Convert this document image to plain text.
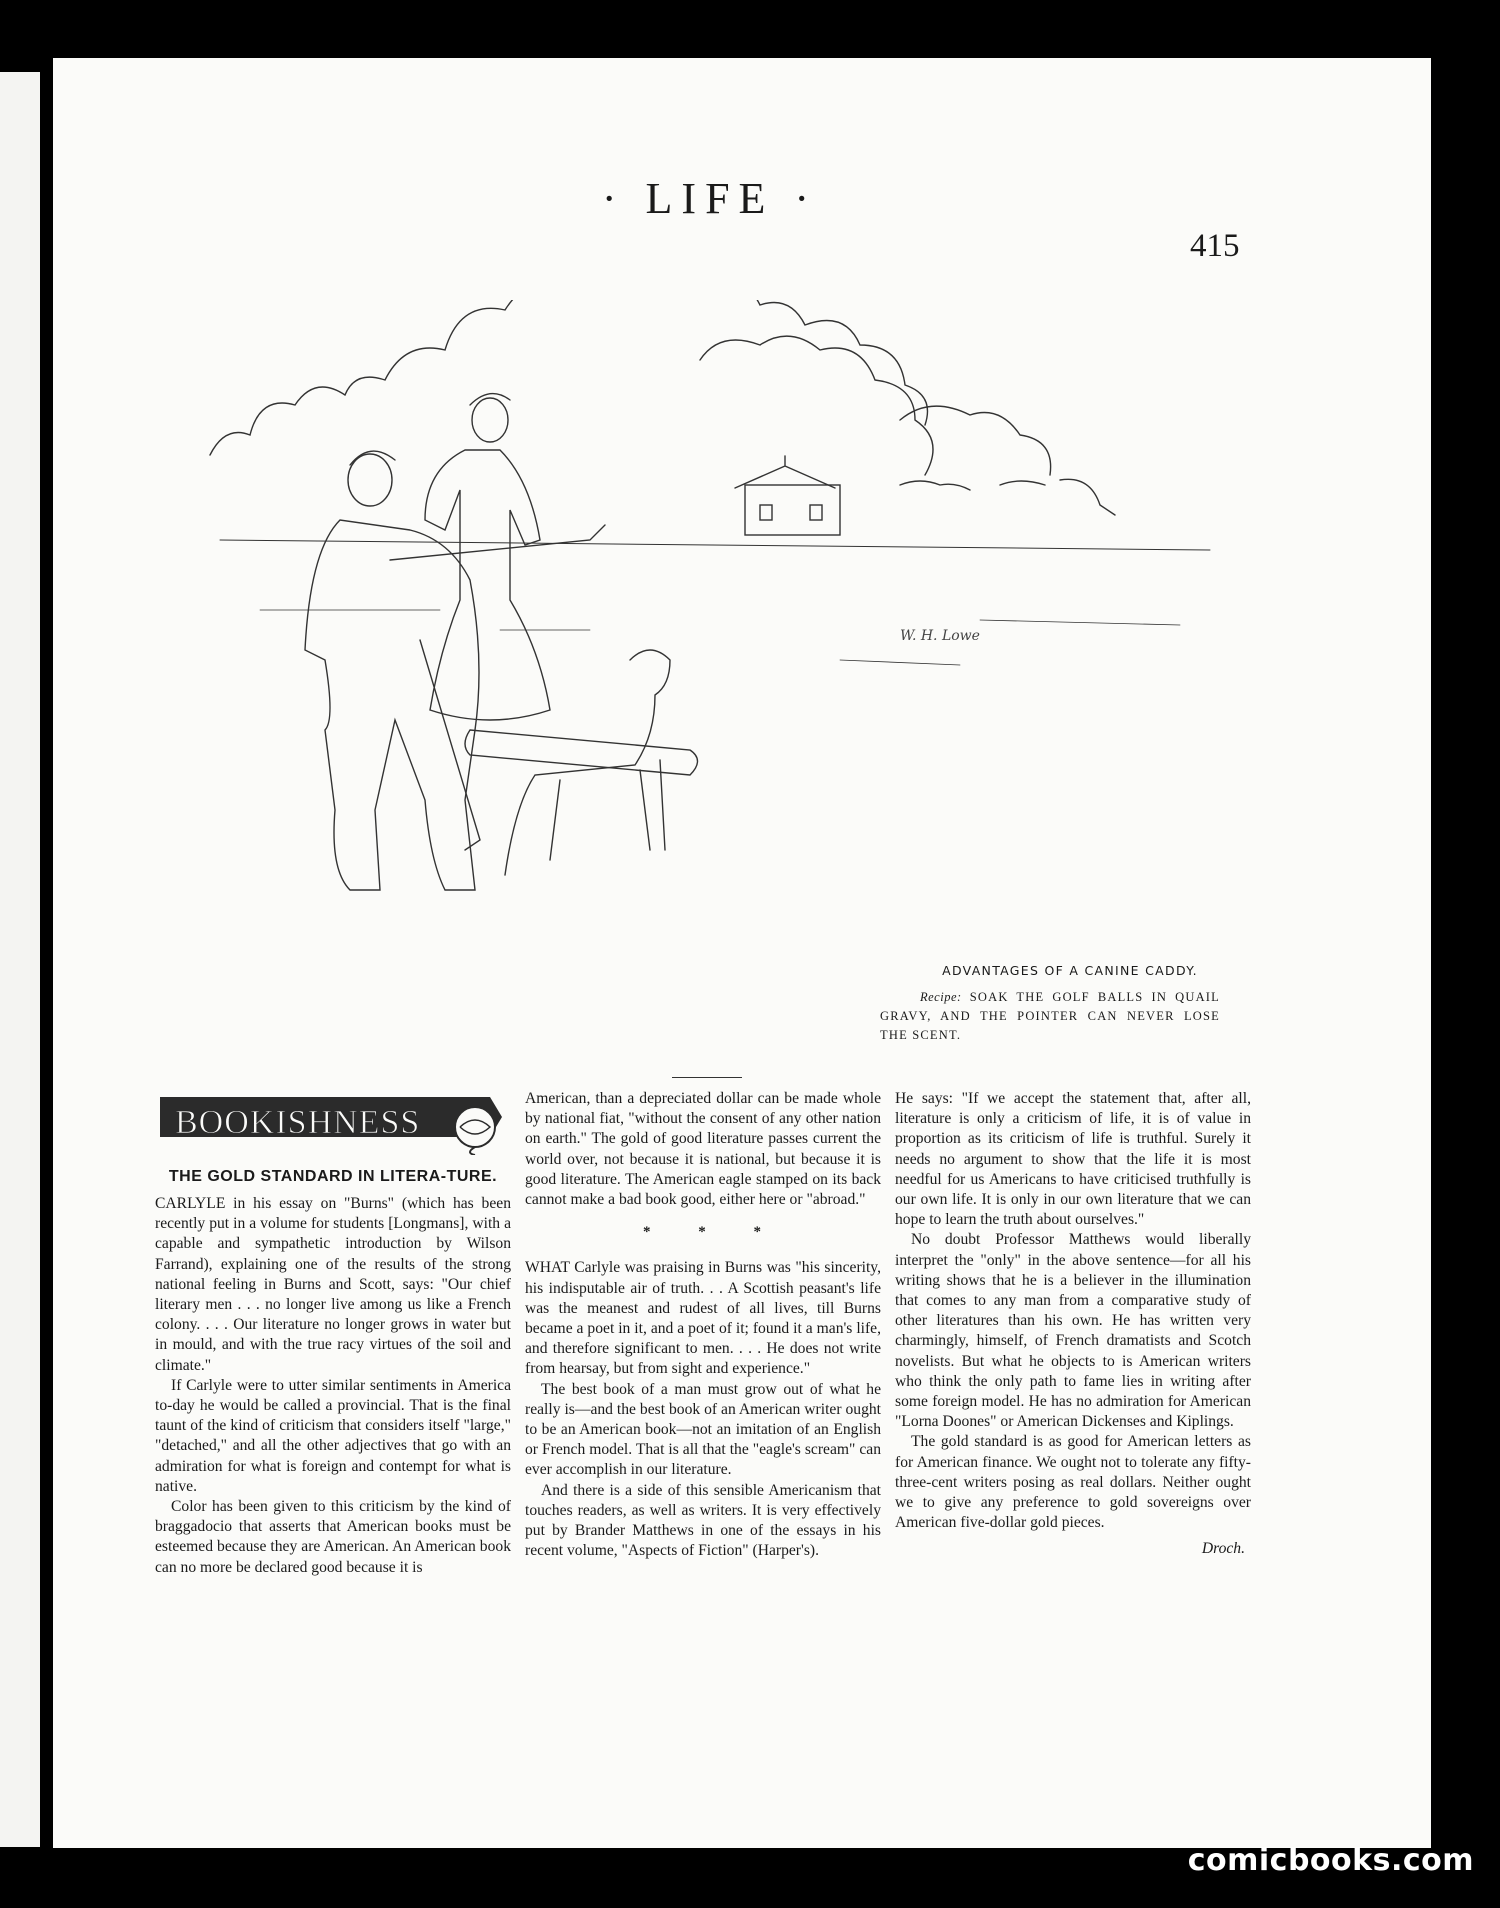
· LIFE ·
415
W. H. Lowe
ADVANTAGES OF A CANINE CADDY.
Recipe: SOAK THE GOLF BALLS IN QUAIL GRAVY, AND THE POINTER CAN NEVER LOSE THE SCENT.
BOOKISHNESS
THE GOLD STANDARD IN LITERA-TURE.

CARLYLE in his essay on "Burns" (which has been recently put in a volume for students [Longmans], with a capable and sympathetic introduction by Wilson Farrand), explaining one of the results of the strong national feeling in Burns and Scott, says: "Our chief literary men . . . no longer live among us like a French colony. . . . Our literature no longer grows in water but in mould, and with the true racy virtues of the soil and climate."

If Carlyle were to utter similar sentiments in America to-day he would be called a provincial. That is the final taunt of the kind of criticism that considers itself "large," "detached," and all the other adjectives that go with an admiration for what is foreign and contempt for what is native.

Color has been given to this criticism by the kind of braggadocio that asserts that American books must be esteemed because they are American. An American book can no more be declared good because it is

American, than a depreciated dollar can be made whole by national fiat, "without the consent of any other nation on earth." The gold of good literature passes current the world over, not because it is national, but because it is good literature. The American eagle stamped on its back cannot make a bad book good, either here or "abroad."

* * *

WHAT Carlyle was praising in Burns was "his sincerity, his indisputable air of truth. . . A Scottish peasant's life was the meanest and rudest of all lives, till Burns became a poet in it, and a poet of it; found it a man's life, and therefore significant to men. . . . He does not write from hearsay, but from sight and experience."

The best book of a man must grow out of what he really is—and the best book of an American writer ought to be an American book—not an imitation of an English or French model. That is all that the "eagle's scream" can ever accomplish in our literature.

And there is a side of this sensible Americanism that touches readers, as well as writers. It is very effectively put by Brander Matthews in one of the essays in his recent volume, "Aspects of Fiction" (Harper's).

He says: "If we accept the statement that, after all, literature is only a criticism of life, it is of value in proportion as its criticism of life is truthful. Surely it needs no argument to show that the life it is most needful for us Americans to have criticised truthfully is our own life. It is only in our own literature that we can hope to learn the truth about ourselves."

No doubt Professor Matthews would liberally interpret the "only" in the above sentence—for all his writing shows that he is a believer in the illumination that comes to any man from a comparative study of other literatures than his own. He has written very charmingly, himself, of French dramatists and Scotch novelists. But what he objects to is American writers who think the only path to fame lies in writing after some foreign model. He has no admiration for American "Lorna Doones" or American Dickenses and Kiplings.

The gold standard is as good for American letters as for American finance. We ought not to tolerate any fifty-three-cent writers posing as real dollars. Neither ought we to give any preference to gold sovereigns over American five-dollar gold pieces.

Droch.
comicbooks.com
